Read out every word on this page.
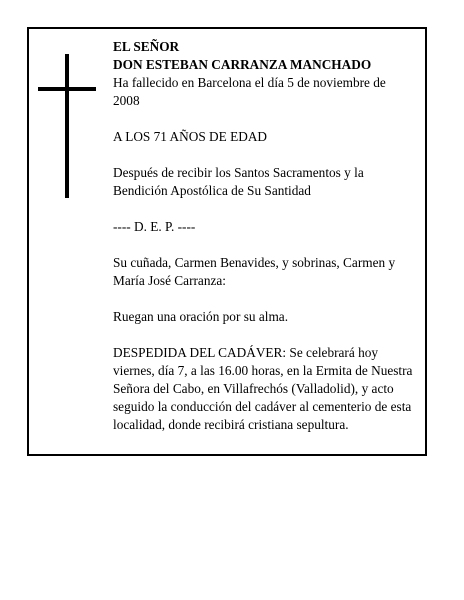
EL SEÑOR

DON ESTEBAN CARRANZA MANCHADO

Ha fallecido en Barcelona el día 5 de noviembre de 2008

A LOS 71 AÑOS DE EDAD

Después de recibir los Santos Sacramentos y la Bendición Apostólica de Su Santidad

---- D. E. P. ----

Su cuñada, Carmen Benavides, y sobrinas, Carmen y María José Carranza:

Ruegan una oración por su alma.

DESPEDIDA DEL CADÁVER: Se celebrará hoy viernes, día 7, a las 16.00 horas, en la Ermita de Nuestra Señora del Cabo, en Villafrechós (Valladolid), y acto seguido la conducción del cadáver al cementerio de esta localidad, donde recibirá cristiana sepultura.
